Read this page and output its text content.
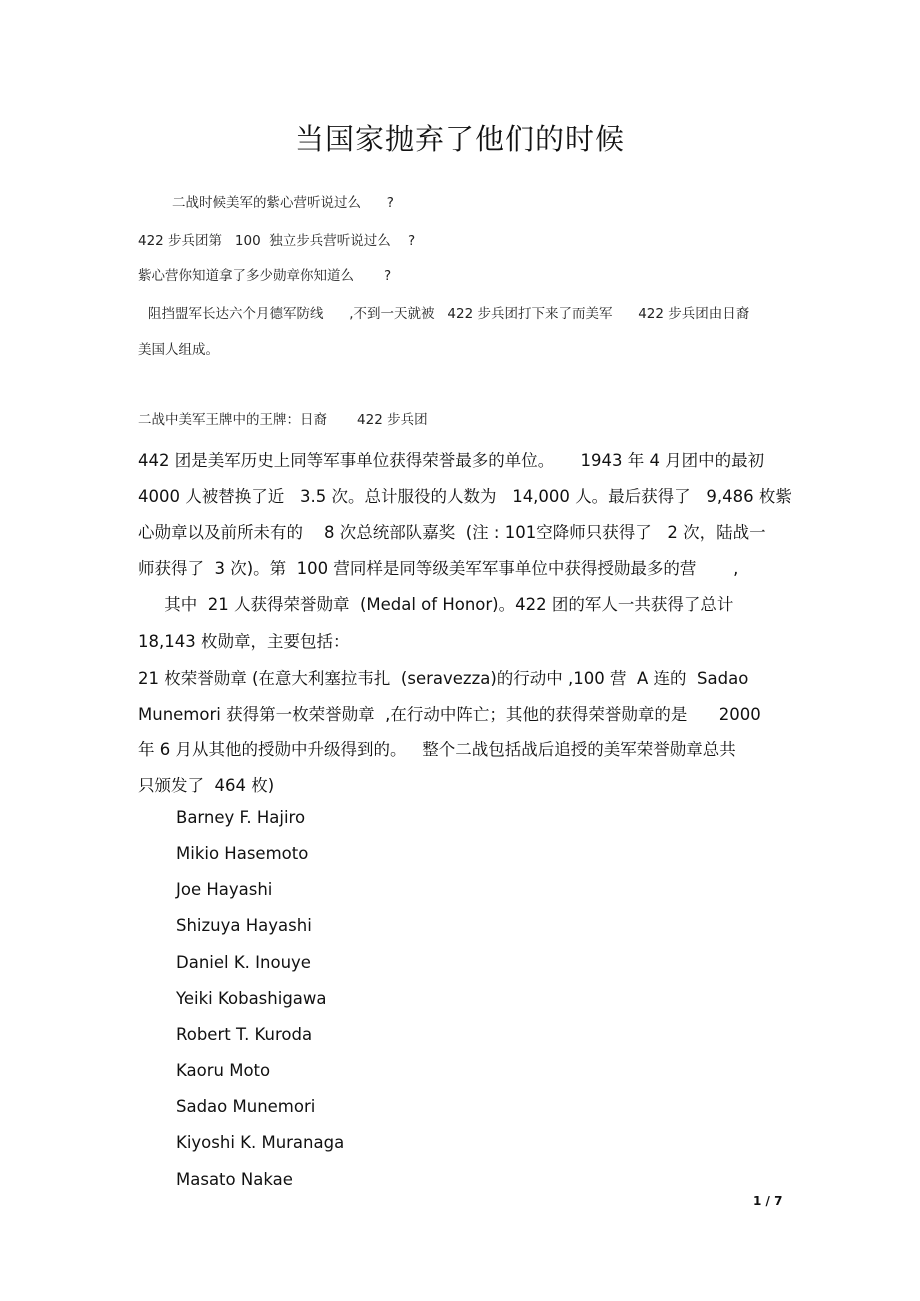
当国家抛弃了他们的时候
二战时候美军的紫心营听说过么      ?
422 步兵团第   100  独立步兵营听说过么    ?
紫心营你知道拿了多少勋章你知道么       ?
阻挡盟军长达六个月德军防线      ,不到一天就被   422 步兵团打下来了而美军      422 步兵团由日裔
美国人组成。
二战中美军王牌中的王牌：日裔       422 步兵团
442 团是美军历史上同等军事单位获得荣誉最多的单位。     1943 年 4 月团中的最初
4000 人被替换了近   3.5 次。总计服役的人数为   14,000 人。最后获得了   9,486 枚紫
心勋章以及前所未有的    8 次总统部队嘉奖  (注 : 101空降师只获得了   2 次，陆战一
师获得了  3 次)。第  100 营同样是同等级美军军事单位中获得授勋最多的营       ,
其中  21 人获得荣誉勋章  (Medal of Honor)。422 团的军人一共获得了总计
18,143 枚勋章，主要包括：
21 枚荣誉勋章 (在意大利塞拉韦扎  (seravezza)的行动中 ,100 营  A 连的  Sadao
Munemori 获得第一枚荣誉勋章  ,在行动中阵亡；其他的获得荣誉勋章的是      2000
年 6 月从其他的授勋中升级得到的。   整个二战包括战后追授的美军荣誉勋章总共
只颁发了  464 枚)
Barney F. Hajiro
Mikio Hasemoto
Joe Hayashi
Shizuya Hayashi
Daniel K. Inouye
Yeiki Kobashigawa
Robert T. Kuroda
Kaoru Moto
Sadao Munemori
Kiyoshi K. Muranaga
Masato Nakae
1 / 7
